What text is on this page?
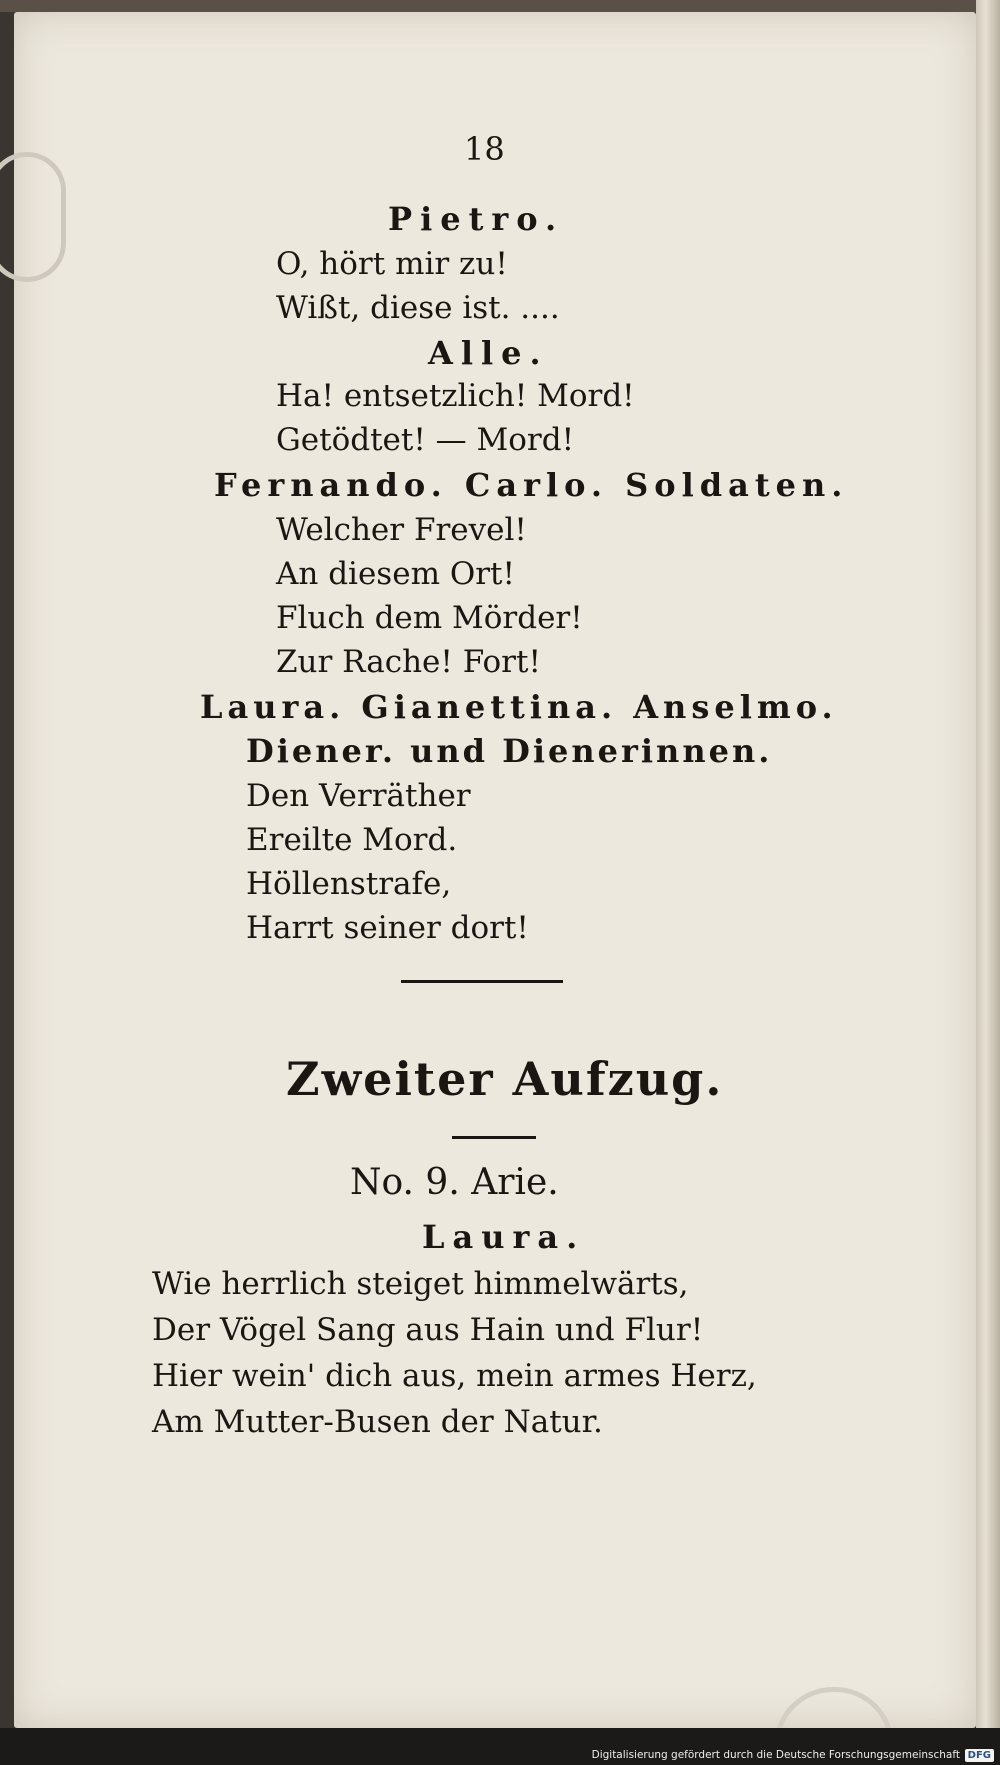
18

Pietro.

O, hört mir zu!

Wißt, diese ist. ....

Alle.

Ha! entsetzlich! Mord!

Getödtet! — Mord!

Fernando. Carlo. Soldaten.

Welcher Frevel!

An diesem Ort!

Fluch dem Mörder!

Zur Rache! Fort!

Laura. Gianettina. Anselmo.

Diener. und Dienerinnen.

Den Verräther

Ereilte Mord.

Höllenstrafe,

Harrt seiner dort!

Zweiter Aufzug.

No. 9. Arie.

Laura.

Wie herrlich steiget himmelwärts,

Der Vögel Sang aus Hain und Flur!

Hier wein' dich aus, mein armes Herz,

Am Mutter-Busen der Natur.

Digitalisierung gefördert durch die Deutsche Forschungsgemeinschaft DFG
